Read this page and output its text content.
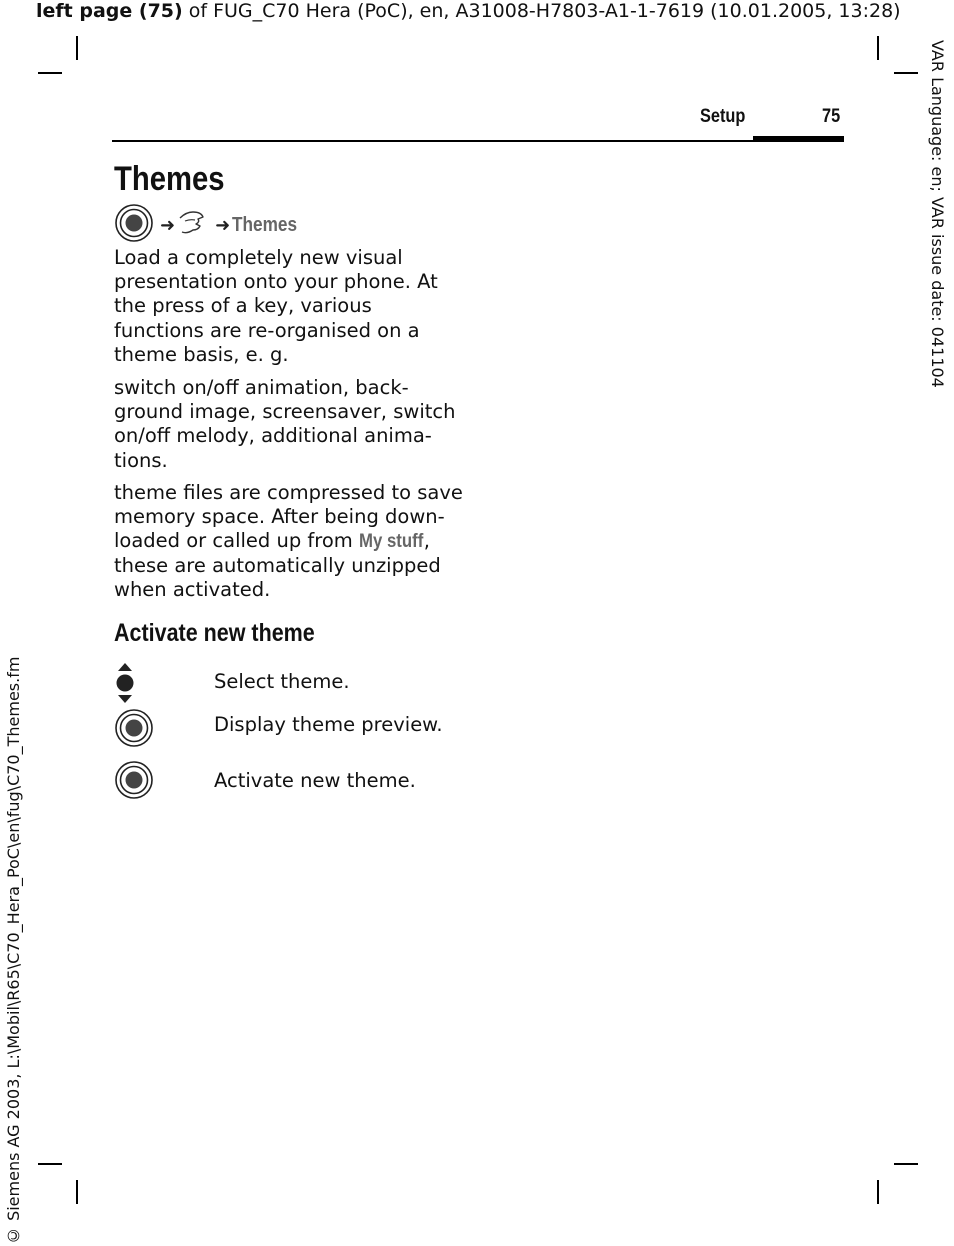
left page (75) of FUG_C70 Hera (PoC), en, A31008-H7803-A1-1-7619 (10.01.2005, 13:28)
VAR Language: en; VAR issue date: 041104
© Siemens AG 2003, L:\Mobil\R65\C70_Hera_PoC\en\fug\C70_Themes.fm
Setup	75
Themes
➜ ➜ Themes
Load a completely new visual presentation onto your phone. At the press of a key, various functions are re-organised on a theme basis, e. g.
switch on/off animation, back-ground image, screensaver, switch on/off melody, additional anima-tions.
theme files are compressed to save memory space. After being down-loaded or called up from My stuff, these are automatically unzipped when activated.
Activate new theme
Select theme.
Display theme preview.
Activate new theme.
